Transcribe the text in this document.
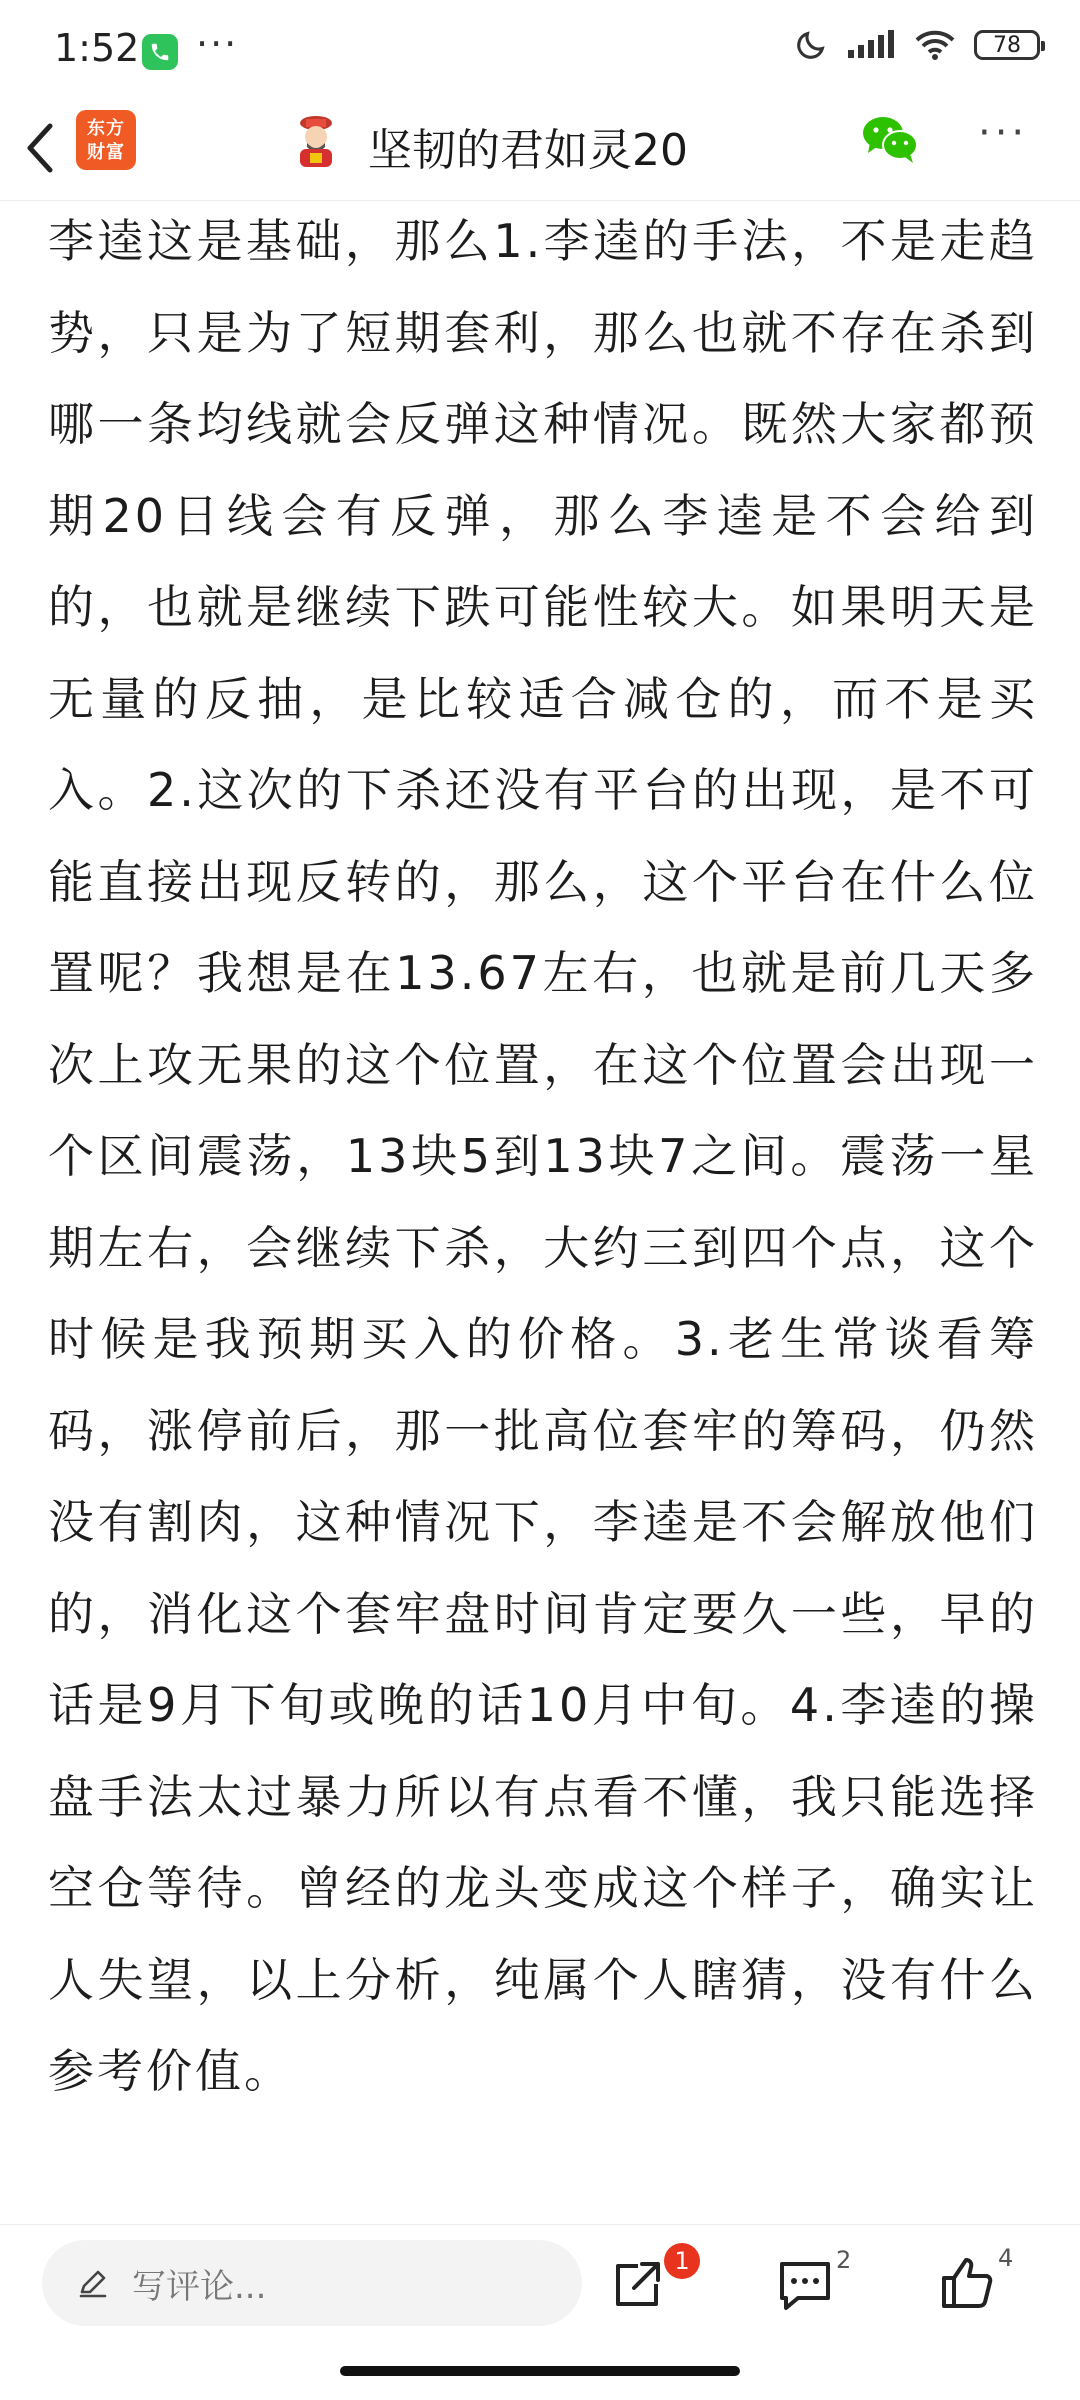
1:52 ···	78
东方
财富	坚韧的君如灵20	···
李逵这是基础，那么1.李逵的手法，不是走趋势，只是为了短期套利，那么也就不存在杀到哪一条均线就会反弹这种情况。既然大家都预期20日线会有反弹，那么李逵是不会给到的，也就是继续下跌可能性较大。如果明天是无量的反抽，是比较适合减仓的，而不是买入。2.这次的下杀还没有平台的出现，是不可能直接出现反转的，那么，这个平台在什么位置呢？我想是在13.67左右，也就是前几天多次上攻无果的这个位置，在这个位置会出现一个区间震荡，13块5到13块7之间。震荡一星期左右，会继续下杀，大约三到四个点，这个时候是我预期买入的价格。3.老生常谈看筹码，涨停前后，那一批高位套牢的筹码，仍然没有割肉，这种情况下，李逵是不会解放他们的，消化这个套牢盘时间肯定要久一些，早的话是9月下旬或晚的话10月中旬。4.李逵的操盘手法太过暴力所以有点看不懂，我只能选择空仓等待。曾经的龙头变成这个样子，确实让人失望，以上分析，纯属个人瞎猜，没有什么参考价值。
写评论...
1	2	4
